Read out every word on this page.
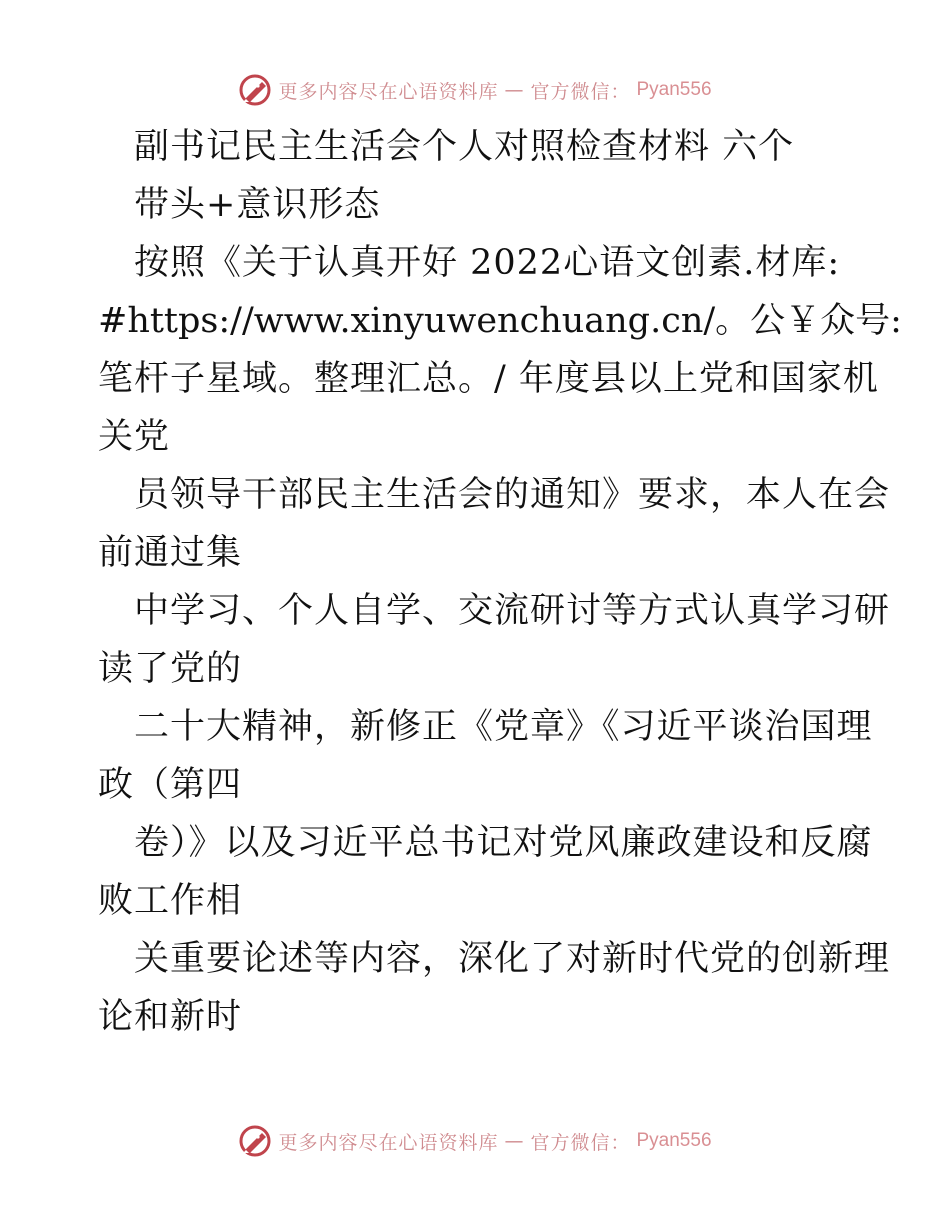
更多内容尽在心语资料库 — 官方微信： Pyan556
副书记民主生活会个人对照检查材料 六个
带头+意识形态
按照《关于认真开好 2022心语文创素.材库:
#https://www.xinyuwenchuang.cn/。公￥众号:
笔杆子星域。整理汇总。/ 年度县以上党和国家机
关党
员领导干部民主生活会的通知》要求，本人在会
前通过集
中学习、个人自学、交流研讨等方式认真学习研
读了党的
二十大精神，新修正《党章》《习近平谈治国理
政（第四
卷）》以及习近平总书记对党风廉政建设和反腐
败工作相
关重要论述等内容，深化了对新时代党的创新理
论和新时
更多内容尽在心语资料库 — 官方微信： Pyan556
